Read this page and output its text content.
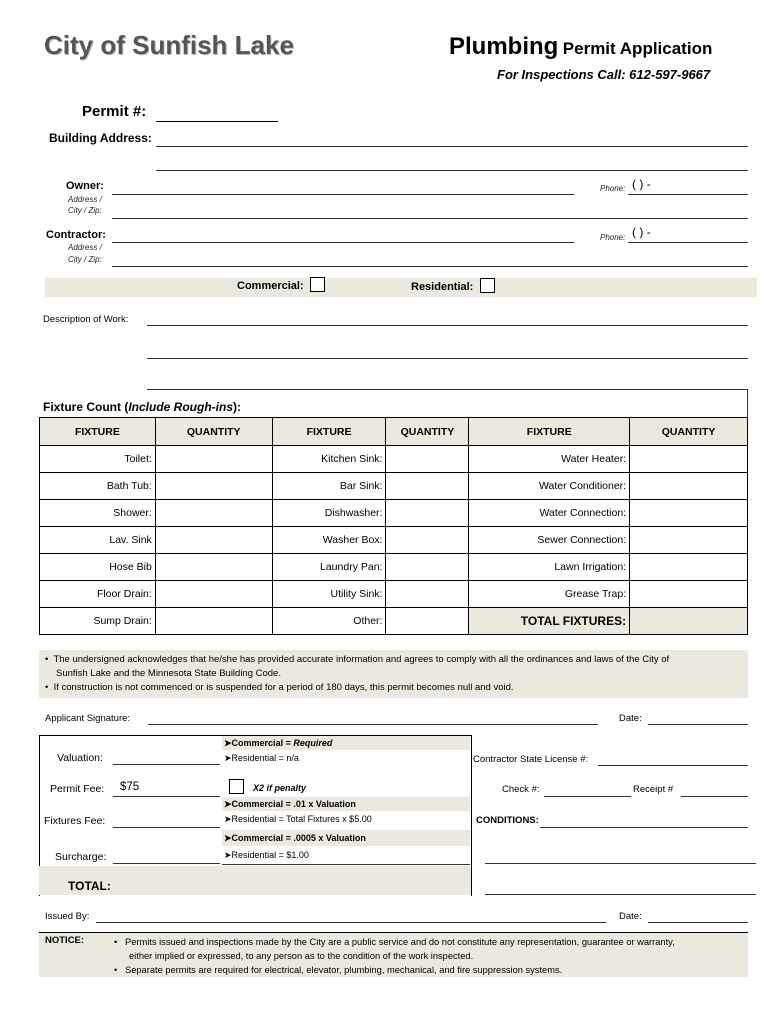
City of Sunfish Lake	Plumbing Permit Application
For Inspections Call: 612-597-9667
Permit #:
Building Address:
Owner:
Address /
City / Zip:
Phone: ( ) -
Contractor:
Address /
City / Zip:
Phone: ( ) -
Commercial:	Residential:
Description of Work:
Fixture Count (Include Rough-ins):
FIXTURE	QUANTITY	FIXTURE	QUANTITY	FIXTURE	QUANTITY
Toilet:		Kitchen Sink:		Water Heater:	
Bath Tub:		Bar Sink:		Water Conditioner:	
Shower:		Dishwasher:		Water Connection:	
Lav. Sink		Washer Box:		Sewer Connection:	
Hose Bib		Laundry Pan:		Lawn Irrigation:	
Floor Drain:		Utility Sink:		Grease Trap:	
Sump Drain:		Other:		TOTAL FIXTURES:	
•  The undersigned acknowledges that he/she has provided accurate information and agrees to comply with all the ordinances and laws of the City of
Sunfish Lake and the Minnesota State Building Code.
•  If construction is not commenced or is suspended for a period of 180 days, this permit becomes null and void.
Applicant Signature:	Date:
Valuation:
➤Commercial = Required
➤Residential = n/a
Permit Fee: $75	X2 if penalty
➤Commercial = .01 x Valuation
Fixtures Fee:	➤Residential = Total Fixtures x $5.00
➤Commercial = .0005 x Valuation
➤Residential = $1.00
Surcharge:
TOTAL:
Contractor State License #:
Check #:	Receipt #
CONDITIONS:
Issued By:	Date:
NOTICE:	•   Permits issued and inspections made by the City are a public service and do not constitute any representation, guarantee or warranty,
either implied or expressed, to any person as to the condition of the work inspected.
•   Separate permits are required for electrical, elevator, plumbing, mechanical, and fire suppression systems.
